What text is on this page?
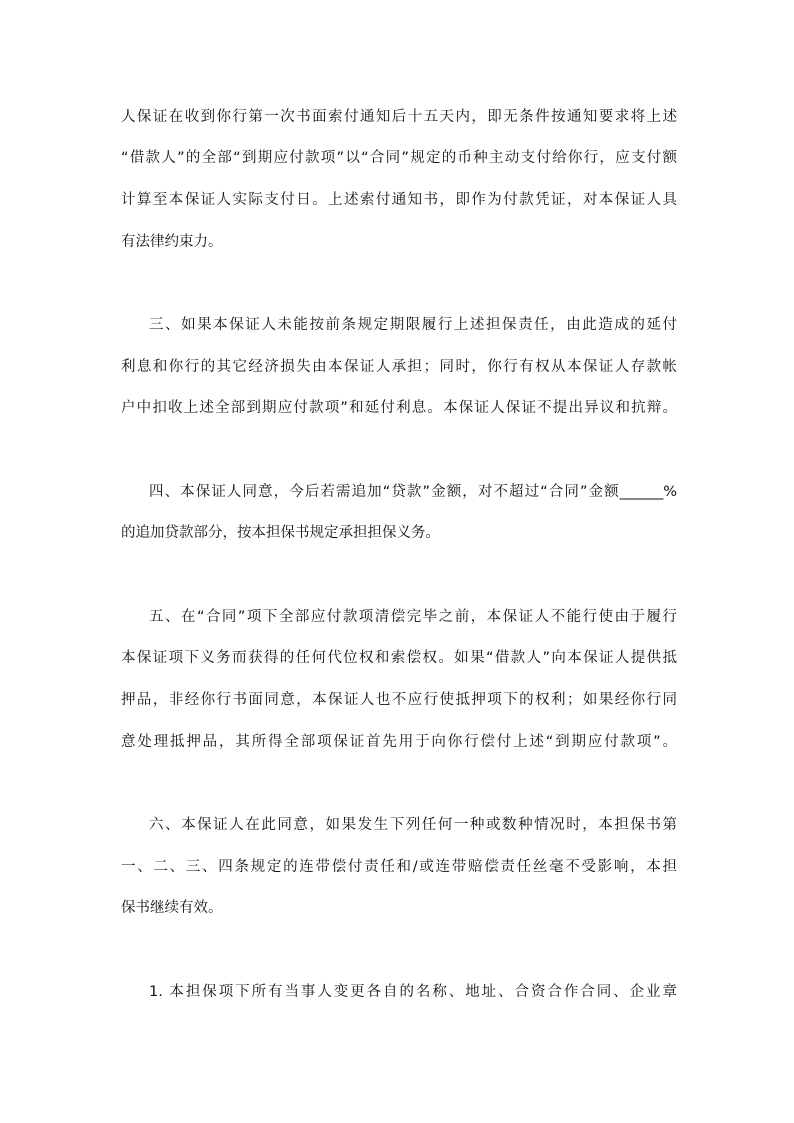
人保证在收到你行第一次书面索付通知后十五天内，即无条件按通知要求将上述
“借款人”的全部“到期应付款项”以“合同”规定的币种主动支付给你行，应支付额
计算至本保证人实际支付日。上述索付通知书，即作为付款凭证，对本保证人具
有法律约束力。
三、如果本保证人未能按前条规定期限履行上述担保责任，由此造成的延付
利息和你行的其它经济损失由本保证人承担；同时，你行有权从本保证人存款帐
户中扣收上述全部到期应付款项”和延付利息。本保证人保证不提出异议和抗辩。
四、本保证人同意，今后若需追加“贷款”金额，对不超过“合同”金额______%
的追加贷款部分，按本担保书规定承担担保义务。
五、在“合同”项下全部应付款项清偿完毕之前，本保证人不能行使由于履行
本保证项下义务而获得的任何代位权和索偿权。如果“借款人”向本保证人提供抵
押品，非经你行书面同意，本保证人也不应行使抵押项下的权利；如果经你行同
意处理抵押品，其所得全部项保证首先用于向你行偿付上述“到期应付款项”。
六、本保证人在此同意，如果发生下列任何一种或数种情况时，本担保书第
一、二、三、四条规定的连带偿付责任和/或连带赔偿责任丝毫不受影响，本担
保书继续有效。
1. 本担保项下所有当事人变更各自的名称、地址、合资合作合同、企业章
